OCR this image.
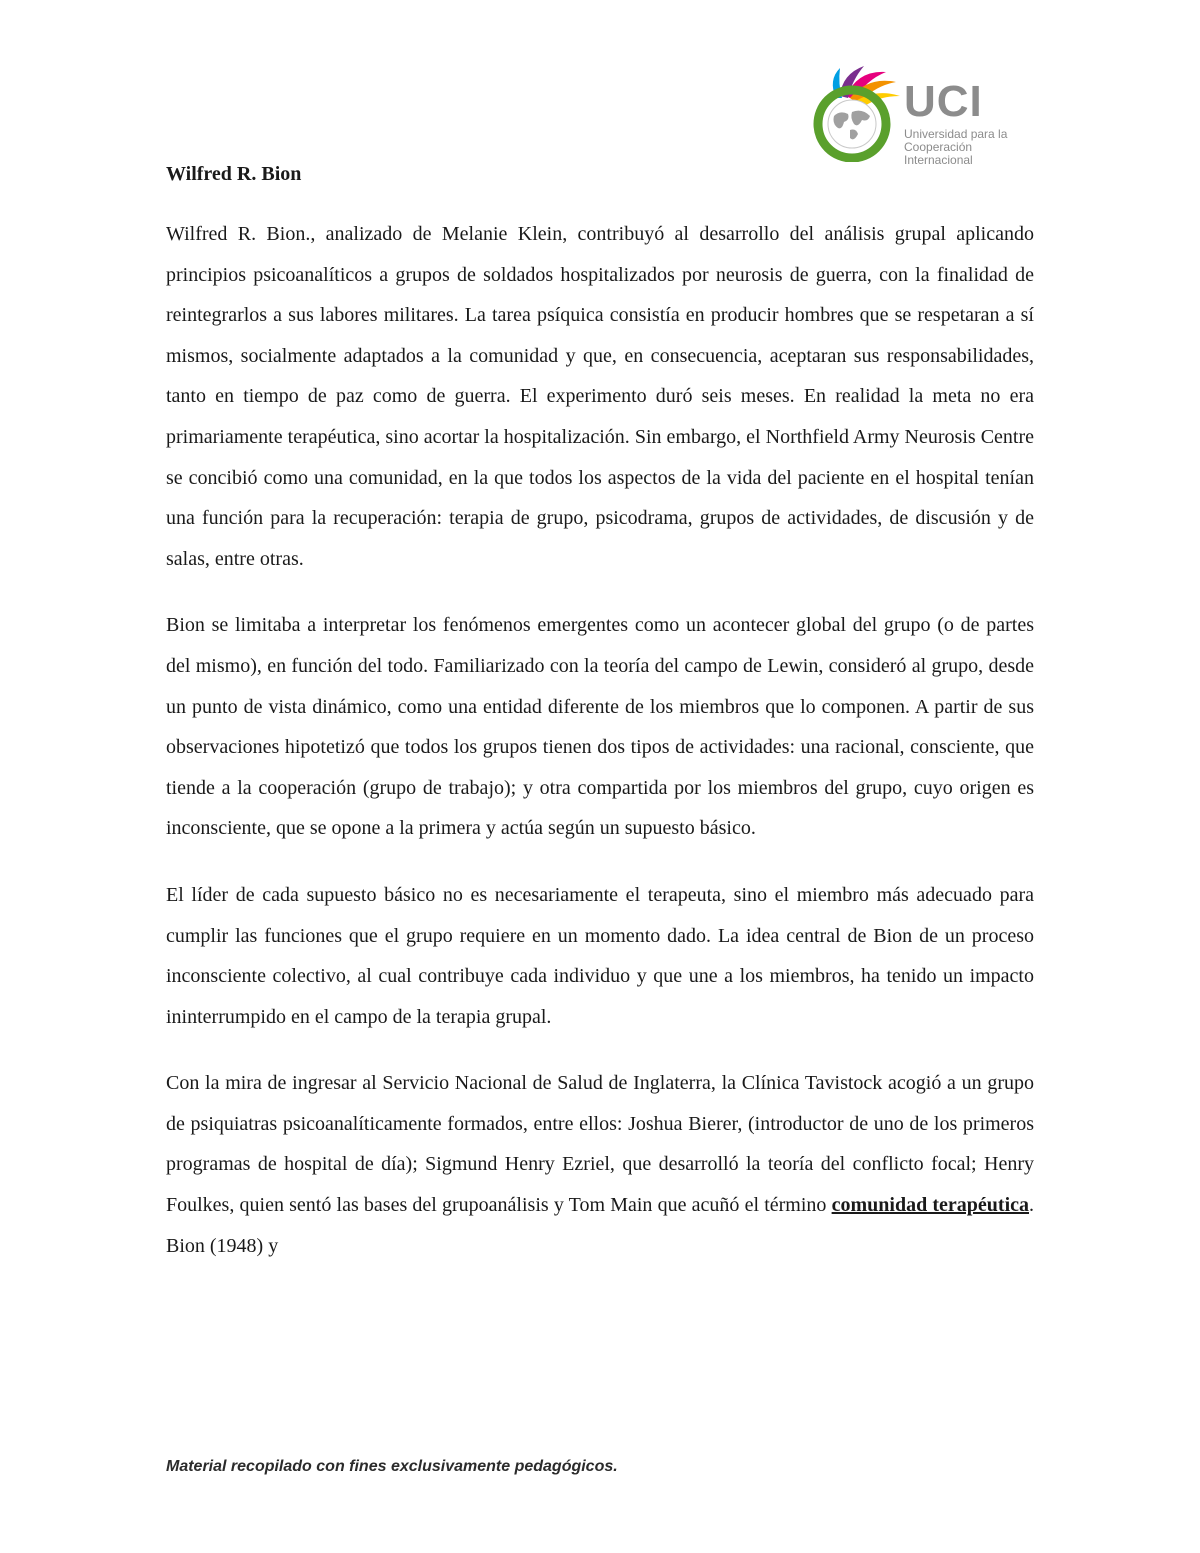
UCI
Universidad para la
Cooperación Internacional
Wilfred R. Bion

Wilfred R. Bion., analizado de Melanie Klein, contribuyó al desarrollo del análisis grupal aplicando principios psicoanalíticos a grupos de soldados hospitalizados por neurosis de guerra, con la finalidad de reintegrarlos a sus labores militares. La tarea psíquica consistía en producir hombres que se respetaran a sí mismos, socialmente adaptados a la comunidad y que, en consecuencia, aceptaran sus responsabilidades, tanto en tiempo de paz como de guerra. El experimento duró seis meses. En realidad la meta no era primariamente terapéutica, sino acortar la hospitalización. Sin embargo, el Northfield Army Neurosis Centre se concibió como una comunidad, en la que todos los aspectos de la vida del paciente en el hospital tenían una función para la recuperación: terapia de grupo, psicodrama, grupos de actividades, de discusión y de salas, entre otras.

Bion se limitaba a interpretar los fenómenos emergentes como un acontecer global del grupo (o de partes del mismo), en función del todo. Familiarizado con la teoría del campo de Lewin, consideró al grupo, desde un punto de vista dinámico, como una entidad diferente de los miembros que lo componen. A partir de sus observaciones hipotetizó que todos los grupos tienen dos tipos de actividades: una racional, consciente, que tiende a la cooperación (grupo de trabajo); y otra compartida por los miembros del grupo, cuyo origen es inconsciente, que se opone a la primera y actúa según un supuesto básico.

El líder de cada supuesto básico no es necesariamente el terapeuta, sino el miembro más adecuado para cumplir las funciones que el grupo requiere en un momento dado. La idea central de Bion de un proceso inconsciente colectivo, al cual contribuye cada individuo y que une a los miembros, ha tenido un impacto ininterrumpido en el campo de la terapia grupal.

Con la mira de ingresar al Servicio Nacional de Salud de Inglaterra, la Clínica Tavistock acogió a un grupo de psiquiatras psicoanalíticamente formados, entre ellos: Joshua Bierer, (introductor de uno de los primeros programas de hospital de día); Sigmund Henry Ezriel, que desarrolló la teoría del conflicto focal; Henry Foulkes, quien sentó las bases del grupoanálisis y Tom Main que acuñó el término comunidad terapéutica. Bion (1948) y

Material recopilado con fines exclusivamente pedagógicos.
